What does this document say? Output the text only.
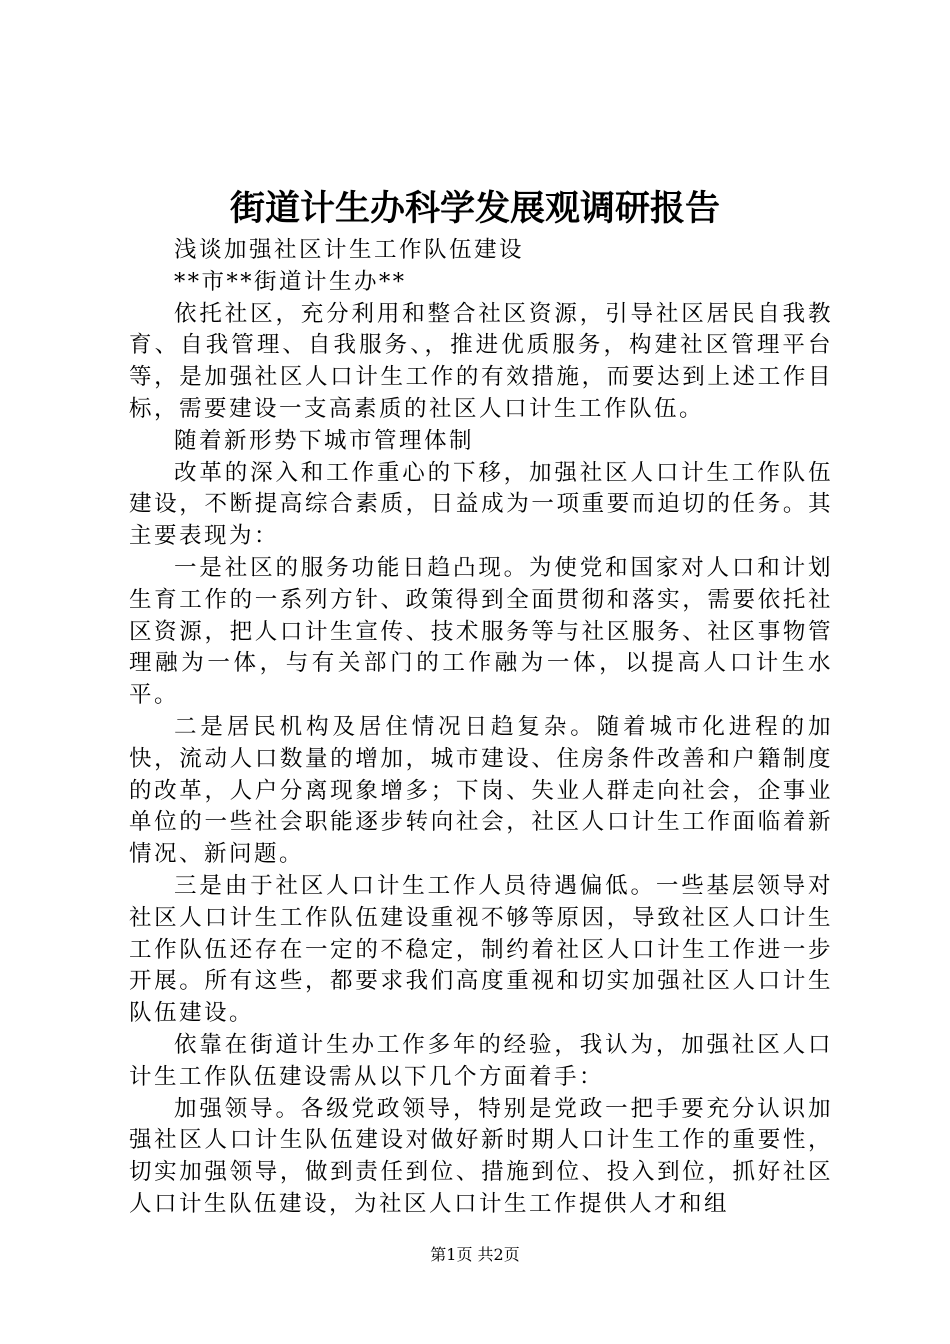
街道计生办科学发展观调研报告

浅谈加强社区计生工作队伍建设

**市**街道计生办**

依托社区，充分利用和整合社区资源，引导社区居民自我教育、自我管理、自我服务、，推进优质服务，构建社区管理平台等，是加强社区人口计生工作的有效措施，而要达到上述工作目标，需要建设一支高素质的社区人口计生工作队伍。

随着新形势下城市管理体制

改革的深入和工作重心的下移，加强社区人口计生工作队伍建设，不断提高综合素质，日益成为一项重要而迫切的任务。其主要表现为：

一是社区的服务功能日趋凸现。为使党和国家对人口和计划生育工作的一系列方针、政策得到全面贯彻和落实，需要依托社区资源，把人口计生宣传、技术服务等与社区服务、社区事物管理融为一体，与有关部门的工作融为一体，以提高人口计生水平。

二是居民机构及居住情况日趋复杂。随着城市化进程的加快，流动人口数量的增加，城市建设、住房条件改善和户籍制度的改革，人户分离现象增多；下岗、失业人群走向社会，企事业单位的一些社会职能逐步转向社会，社区人口计生工作面临着新情况、新问题。

三是由于社区人口计生工作人员待遇偏低。一些基层领导对社区人口计生工作队伍建设重视不够等原因，导致社区人口计生工作队伍还存在一定的不稳定，制约着社区人口计生工作进一步开展。所有这些，都要求我们高度重视和切实加强社区人口计生队伍建设。

依靠在街道计生办工作多年的经验，我认为，加强社区人口计生工作队伍建设需从以下几个方面着手：

加强领导。各级党政领导，特别是党政一把手要充分认识加强社区人口计生队伍建设对做好新时期人口计生工作的重要性，切实加强领导，做到责任到位、措施到位、投入到位，抓好社区人口计生队伍建设，为社区人口计生工作提供人才和组

第1页 共2页
